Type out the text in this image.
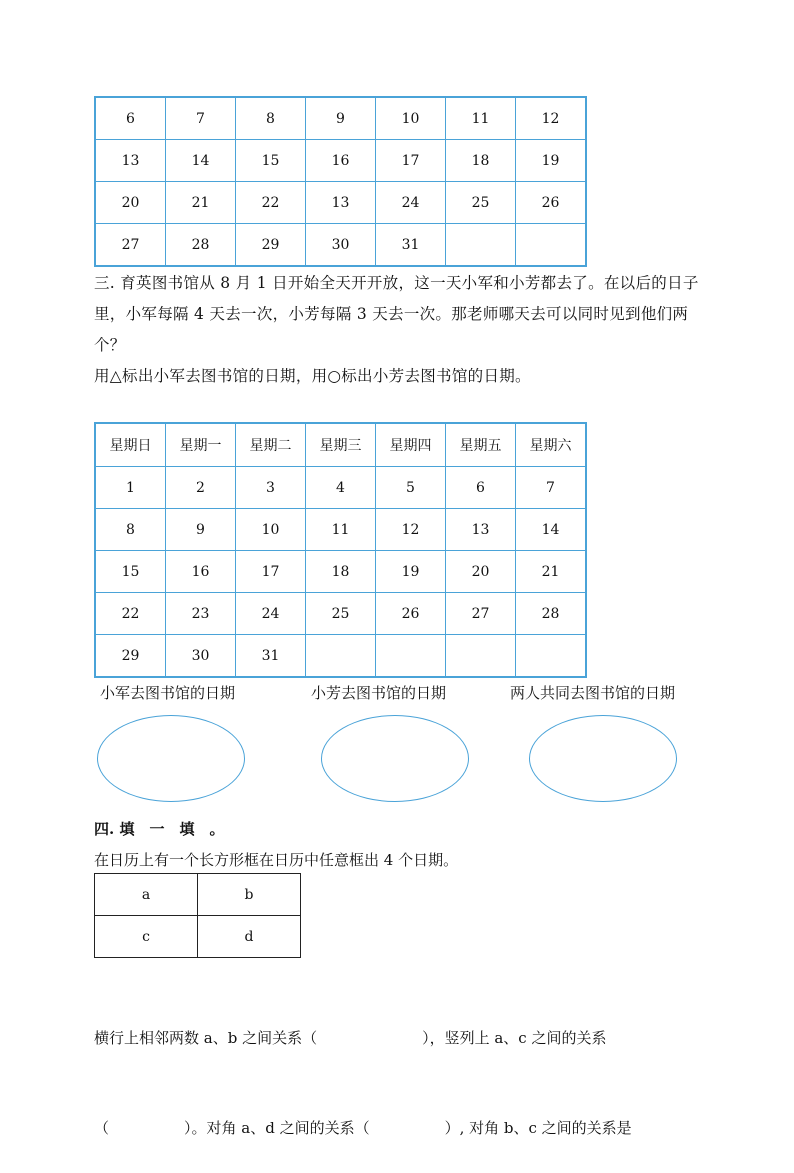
6	7	8	9	10	11	12
13	14	15	16	17	18	19
20	21	22	13	24	25	26
27	28	29	30	31		
三. 育英图书馆从 8 月 1 日开始全天开开放，这一天小军和小芳都去了。在以后的日子
里，小军每隔 4 天去一次，小芳每隔 3 天去一次。那老师哪天去可以同时见到他们两个？
用△标出小军去图书馆的日期，用○标出小芳去图书馆的日期。
星期日	星期一	星期二	星期三	星期四	星期五	星期六
1	2	3	4	5	6	7
8	9	10	11	12	13	14
15	16	17	18	19	20	21
22	23	24	25	26	27	28
29	30	31				
小军去图书馆的日期	小芳去图书馆的日期	两人共同去图书馆的日期
四. 填　一　填　。
在日历上有一个长方形框在日历中任意框出 4 个日期。
a	b
c	d

横行上相邻两数 a、b 之间关系（　　　　　　　），竖列上 a、c 之间的关系

（　　　　　）。对角 a、d 之间的关系（　　　　　）, 对角 b、c 之间的关系是
